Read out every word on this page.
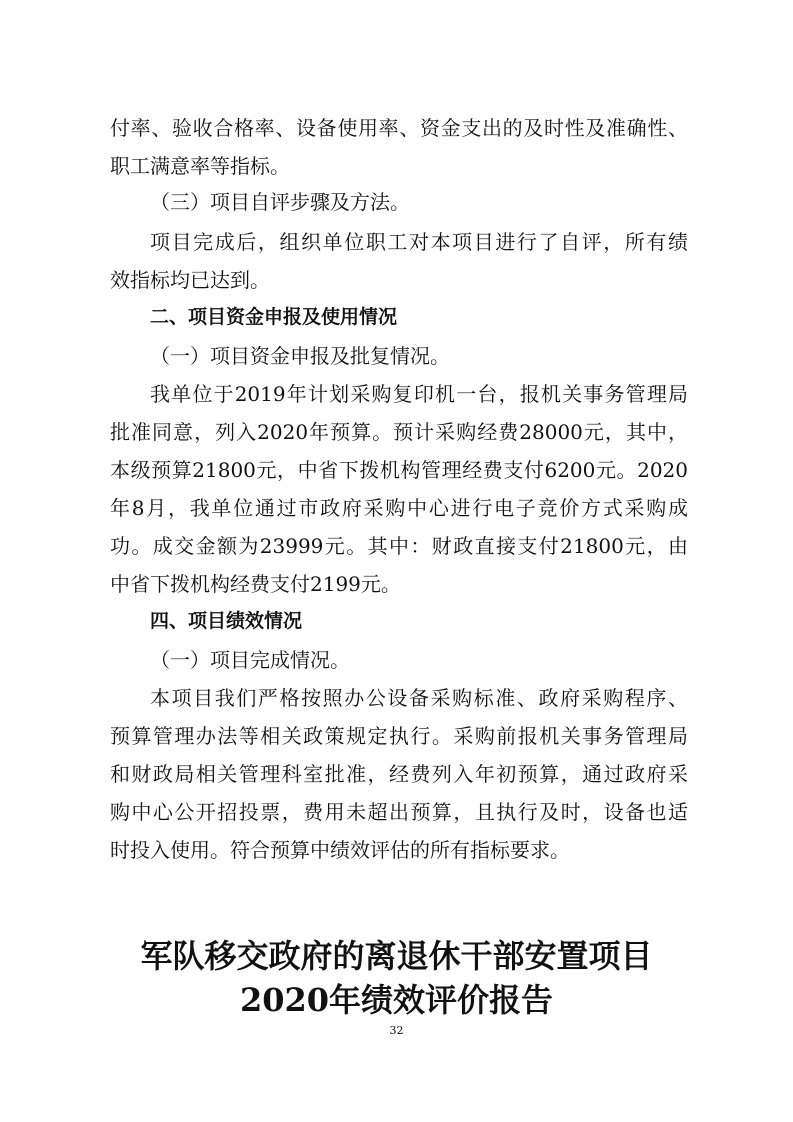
付率、验收合格率、设备使用率、资金支出的及时性及准确性、
职工满意率等指标。
（三）项目自评步骤及方法。
项目完成后，组织单位职工对本项目进行了自评，所有绩
效指标均已达到。
二、项目资金申报及使用情况
（一）项目资金申报及批复情况。
我单位于2019年计划采购复印机一台，报机关事务管理局
批准同意，列入2020年预算。预计采购经费28000元，其中，
本级预算21800元，中省下拨机构管理经费支付6200元。2020
年8月，我单位通过市政府采购中心进行电子竞价方式采购成
功。成交金额为23999元。其中：财政直接支付21800元，由
中省下拨机构经费支付2199元。
四、项目绩效情况
（一）项目完成情况。
本项目我们严格按照办公设备采购标准、政府采购程序、
预算管理办法等相关政策规定执行。采购前报机关事务管理局
和财政局相关管理科室批准，经费列入年初预算，通过政府采
购中心公开招投票，费用未超出预算，且执行及时，设备也适
时投入使用。符合预算中绩效评估的所有指标要求。
军队移交政府的离退休干部安置项目
2020年绩效评价报告
32
